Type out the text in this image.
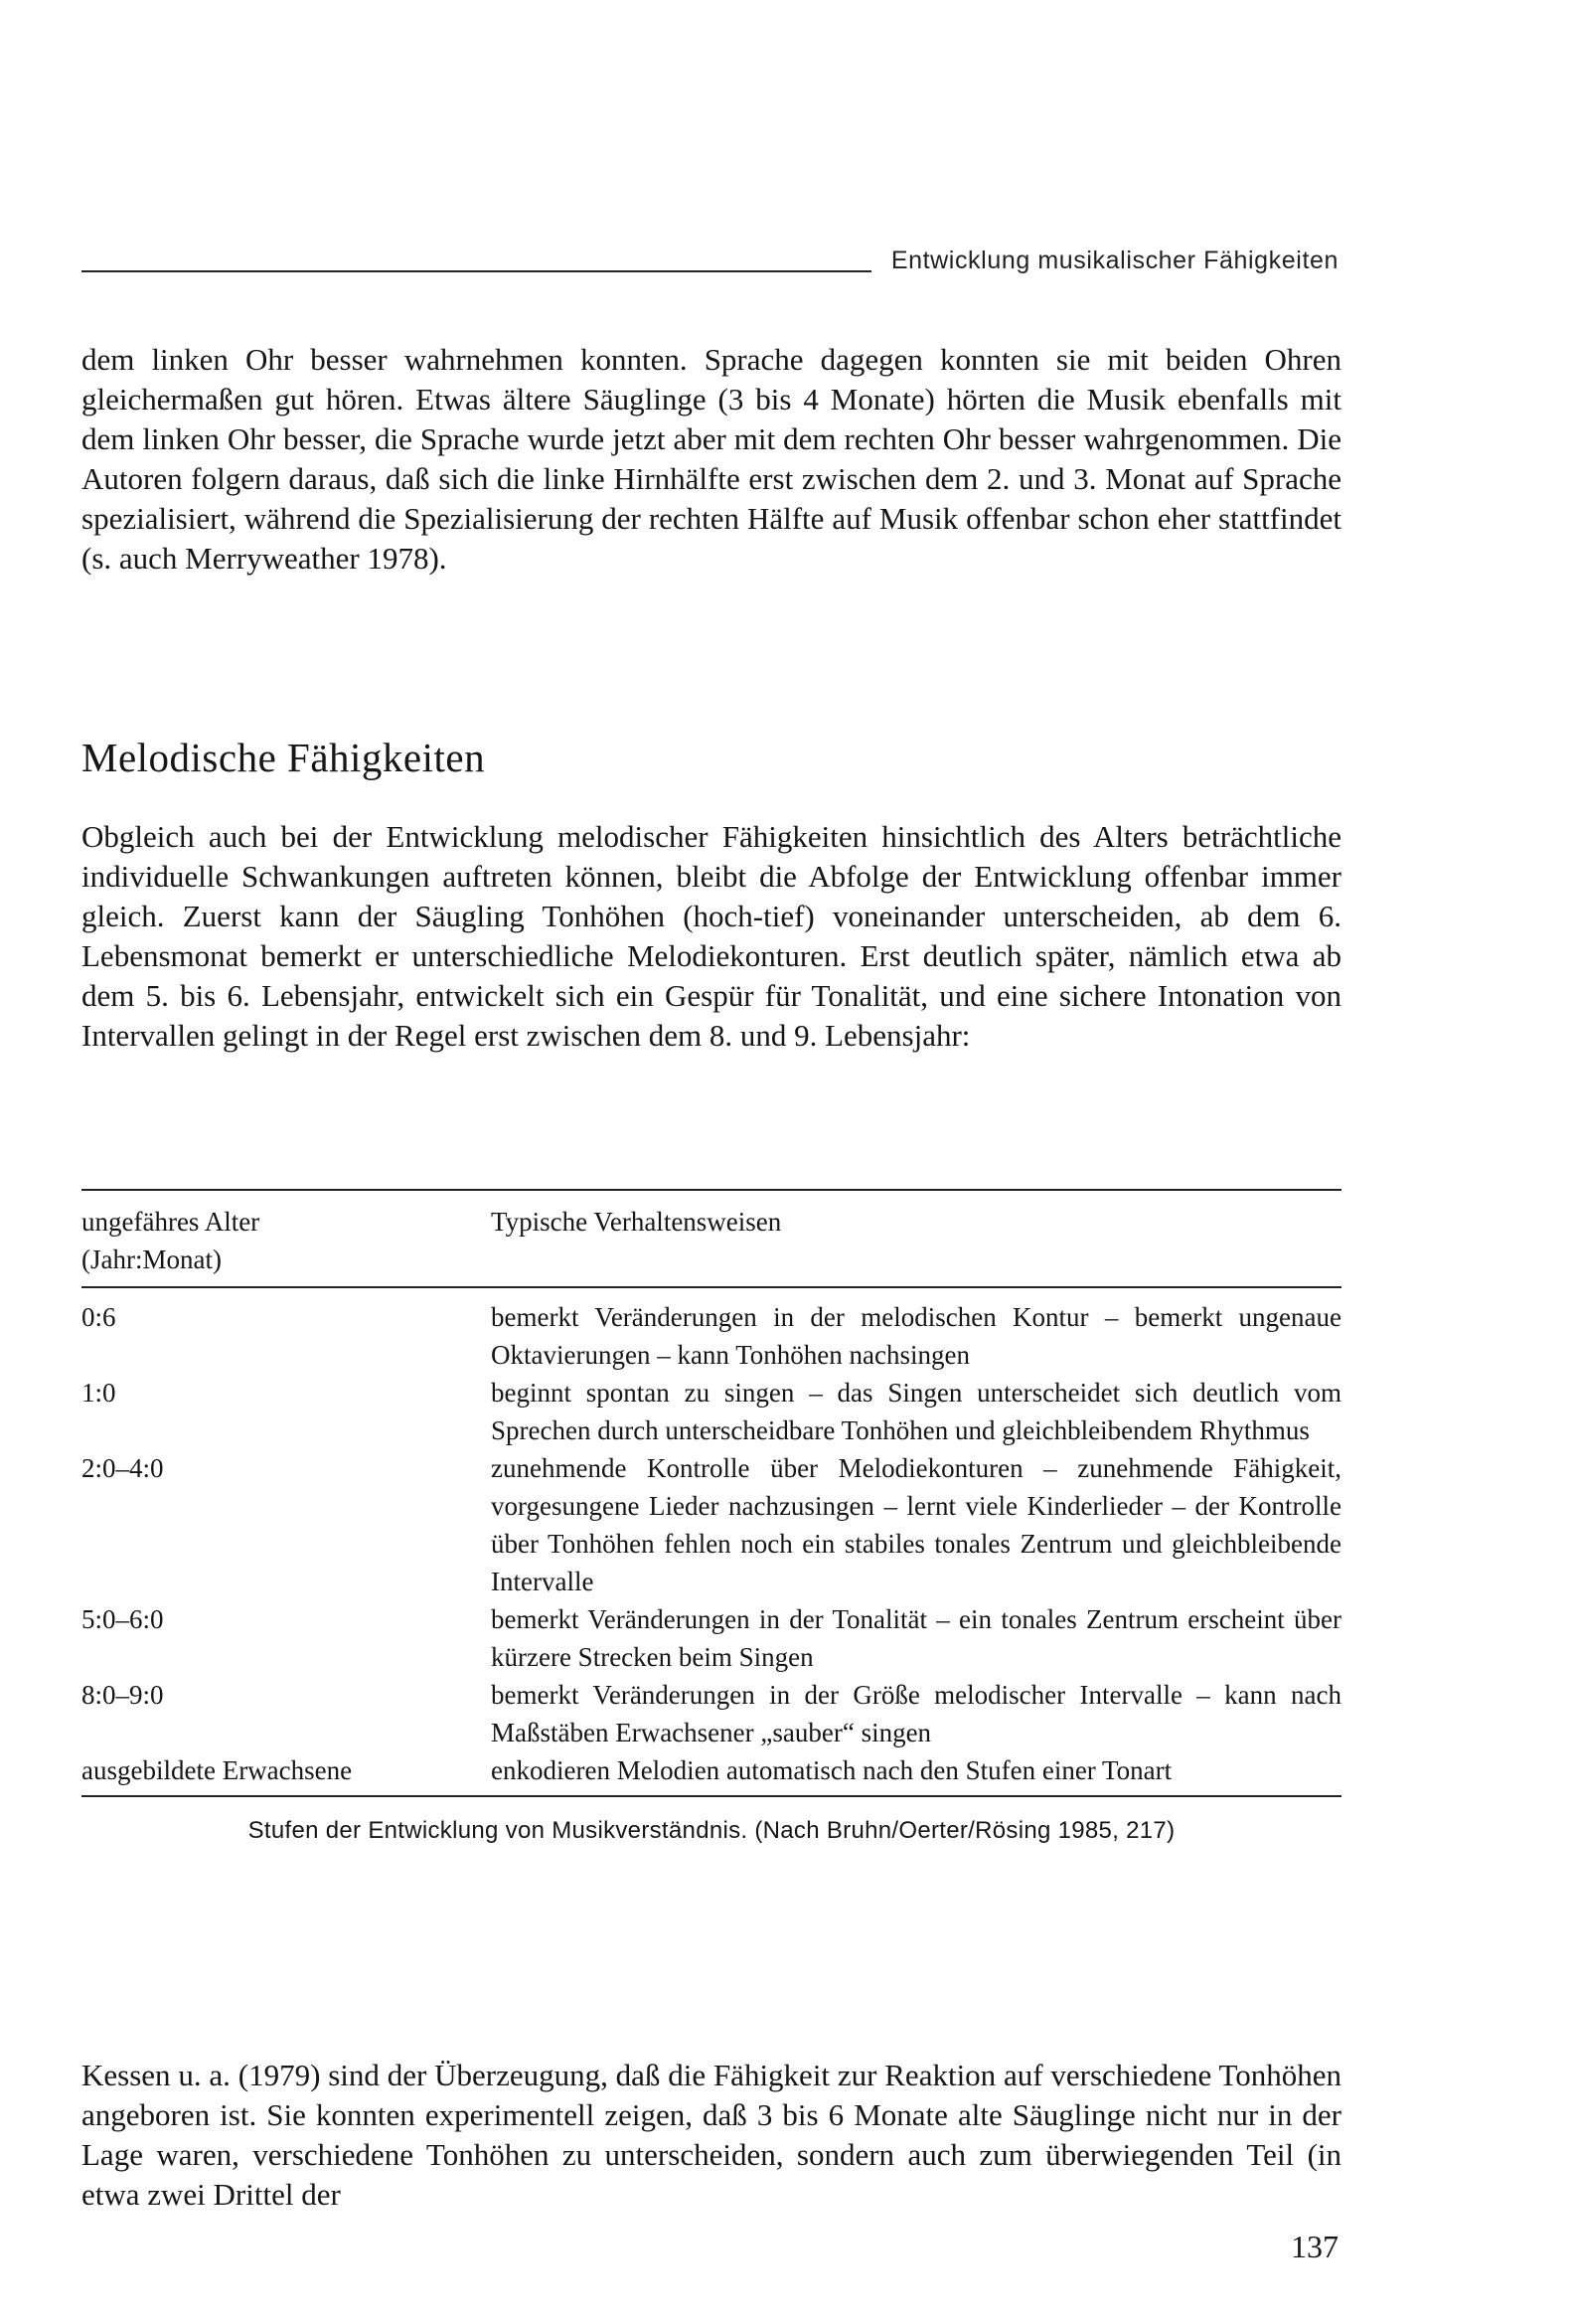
Entwicklung musikalischer Fähigkeiten

dem linken Ohr besser wahrnehmen konnten. Sprache dagegen konnten sie mit beiden Ohren gleichermaßen gut hören. Etwas ältere Säuglinge (3 bis 4 Monate) hörten die Musik ebenfalls mit dem linken Ohr besser, die Sprache wurde jetzt aber mit dem rechten Ohr besser wahrgenommen. Die Autoren folgern daraus, daß sich die linke Hirnhälfte erst zwischen dem 2. und 3. Monat auf Sprache spezialisiert, während die Spezialisierung der rechten Hälfte auf Musik offenbar schon eher stattfindet (s. auch Merryweather 1978).

Melodische Fähigkeiten

Obgleich auch bei der Entwicklung melodischer Fähigkeiten hinsichtlich des Alters beträchtliche individuelle Schwankungen auftreten können, bleibt die Abfolge der Entwicklung offenbar immer gleich. Zuerst kann der Säugling Tonhöhen (hoch-tief) voneinander unterscheiden, ab dem 6. Lebensmonat bemerkt er unterschiedliche Melodiekonturen. Erst deutlich später, nämlich etwa ab dem 5. bis 6. Lebensjahr, entwickelt sich ein Gespür für Tonalität, und eine sichere Intonation von Intervallen gelingt in der Regel erst zwischen dem 8. und 9. Lebensjahr:

ungefähres Alter
(Jahr:Monat)	Typische Verhaltensweisen
0:6	bemerkt Veränderungen in der melodischen Kontur – bemerkt ungenaue Oktavierungen – kann Tonhöhen nachsingen
1:0	beginnt spontan zu singen – das Singen unterscheidet sich deutlich vom Sprechen durch unterscheidbare Tonhöhen und gleichbleibendem Rhythmus
2:0–4:0	zunehmende Kontrolle über Melodiekonturen – zunehmende Fähigkeit, vorgesungene Lieder nachzusingen – lernt viele Kinderlieder – der Kontrolle über Tonhöhen fehlen noch ein stabiles tonales Zentrum und gleichbleibende Intervalle
5:0–6:0	bemerkt Veränderungen in der Tonalität – ein tonales Zentrum erscheint über kürzere Strecken beim Singen
8:0–9:0	bemerkt Veränderungen in der Größe melodischer Intervalle – kann nach Maßstäben Erwachsener „sauber“ singen
ausgebildete Erwachsene	enkodieren Melodien automatisch nach den Stufen einer Tonart
Stufen der Entwicklung von Musikverständnis. (Nach Bruhn/Oerter/Rösing 1985, 217)

Kessen u. a. (1979) sind der Überzeugung, daß die Fähigkeit zur Reaktion auf verschiedene Tonhöhen angeboren ist. Sie konnten experimentell zeigen, daß 3 bis 6 Monate alte Säuglinge nicht nur in der Lage waren, verschiedene Tonhöhen zu unterscheiden, sondern auch zum überwiegenden Teil (in etwa zwei Drittel der

137
